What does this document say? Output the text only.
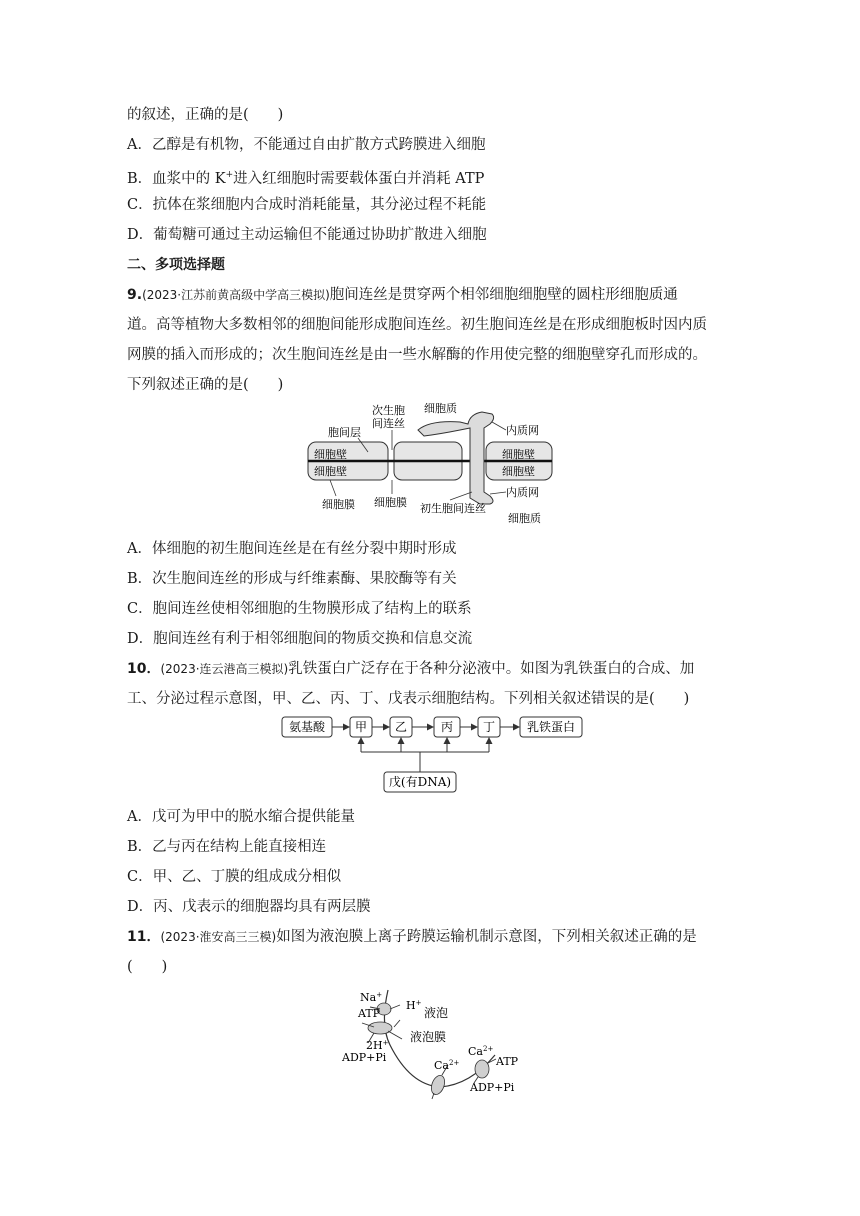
的叙述，正确的是(　　)
A．乙醇是有机物，不能通过自由扩散方式跨膜进入细胞
B．血浆中的 K+进入红细胞时需要载体蛋白并消耗 ATP
C．抗体在浆细胞内合成时消耗能量，其分泌过程不耗能
D．葡萄糖可通过主动运输但不能通过协助扩散进入细胞
二、多项选择题
9.(2023·江苏前黄高级中学高三模拟)胞间连丝是贯穿两个相邻细胞细胞壁的圆柱形细胞质通
道。高等植物大多数相邻的细胞间能形成胞间连丝。初生胞间连丝是在形成细胞板时因内质
网膜的插入而形成的；次生胞间连丝是由一些水解酶的作用使完整的细胞壁穿孔而形成的。
下列叙述正确的是(　　)
次生胞
间连丝
胞间层
细胞质
内质网
细胞壁
细胞壁
细胞壁
细胞壁
内质网
细胞膜 细胞膜 初生胞间连丝
细胞质
A．体细胞的初生胞间连丝是在有丝分裂中期时形成
B．次生胞间连丝的形成与纤维素酶、果胶酶等有关
C．胞间连丝使相邻细胞的生物膜形成了结构上的联系
D．胞间连丝有利于相邻细胞间的物质交换和信息交流
10．(2023·连云港高三模拟)乳铁蛋白广泛存在于各种分泌液中。如图为乳铁蛋白的合成、加
工、分泌过程示意图，甲、乙、丙、丁、戊表示细胞结构。下列相关叙述错误的是(　　)
氨基酸 甲 乙	丙 丁	乳铁蛋白
戊(有DNA)
A．戊可为甲中的脱水缩合提供能量
B．乙与丙在结构上能直接相连
C．甲、乙、丁膜的组成成分相似
D．丙、戊表示的细胞器均具有两层膜
11．(2023·淮安高三三模)如图为液泡膜上离子跨膜运输机制示意图，下列相关叙述正确的是
(　　)
Na+
H+
ATP	液泡
2H+ 液泡膜
ADP+Pi	$Ca^{2+}$
ATP
$Ca^{2+}$
ADP+Pi
